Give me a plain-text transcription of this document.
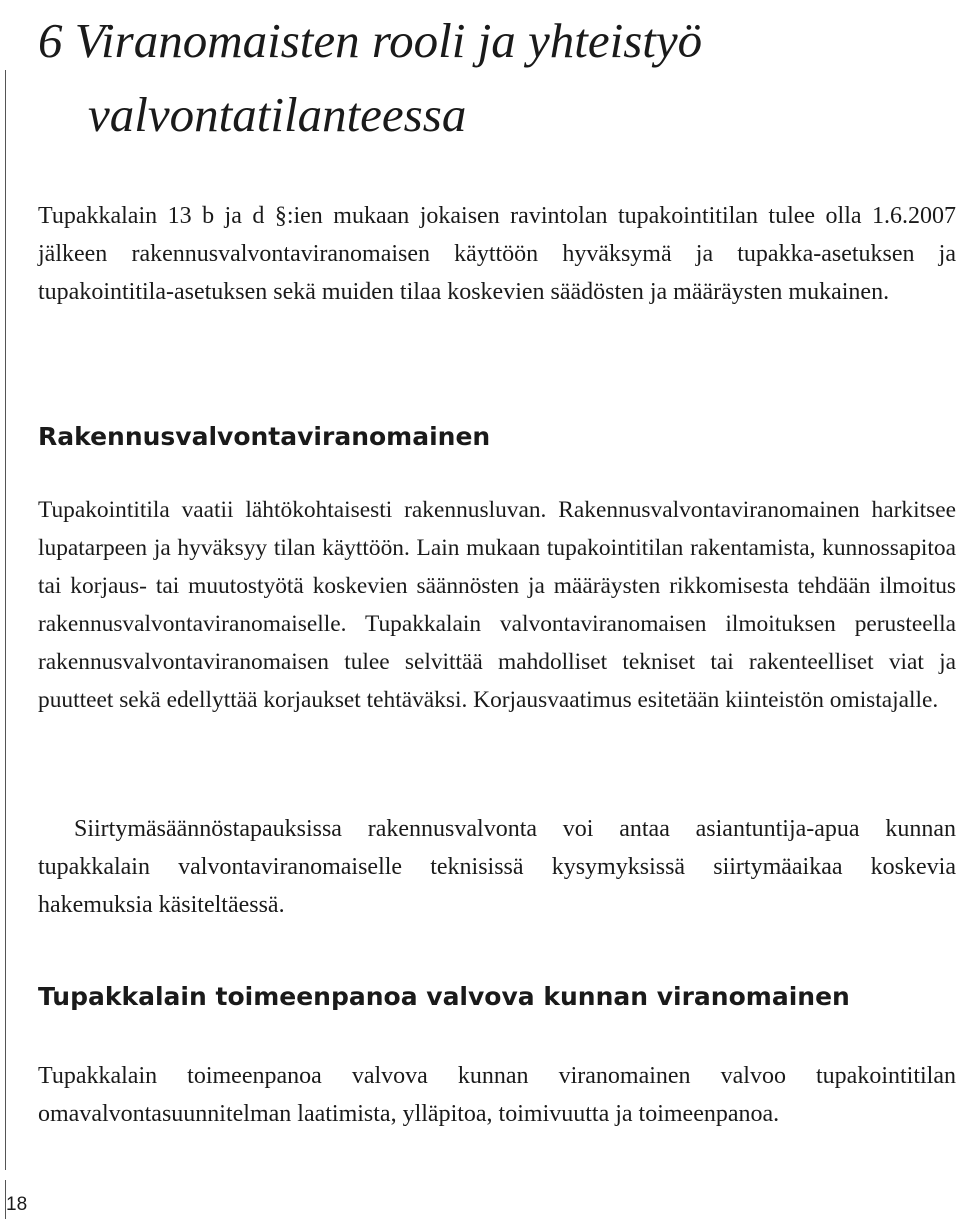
6 Viranomaisten rooli ja yhteistyö
valvontatilanteessa

Tupakkalain 13 b ja d §:ien mukaan jokaisen ravintolan tupakointitilan tulee olla 1.6.2007 jälkeen rakennusvalvontaviranomaisen käyttöön hyväksymä ja tupakka-asetuksen ja tupakointitila-asetuksen sekä muiden tilaa koskevien säädösten ja määräysten mukainen.

Rakennusvalvontaviranomainen

Tupakointitila vaatii lähtökohtaisesti rakennusluvan. Rakennusvalvontaviranomainen harkitsee lupatarpeen ja hyväksyy tilan käyttöön. Lain mukaan tupakointitilan rakentamista, kunnossapitoa tai korjaus- tai muutostyötä koskevien säännösten ja määräysten rikkomisesta tehdään ilmoitus rakennusvalvontaviranomaiselle. Tupakkalain valvontaviranomaisen ilmoituksen perusteella rakennusvalvontaviranomaisen tulee selvittää mahdolliset tekniset tai rakenteelliset viat ja puutteet sekä edellyttää korjaukset tehtäväksi. Korjausvaatimus esitetään kiinteistön omistajalle.

Siirtymäsäännöstapauksissa rakennusvalvonta voi antaa asiantuntija-apua kunnan tupakkalain valvontaviranomaiselle teknisissä kysymyksissä siirtymäaikaa koskevia hakemuksia käsiteltäessä.

Tupakkalain toimeenpanoa valvova kunnan viranomainen

Tupakkalain toimeenpanoa valvova kunnan viranomainen valvoo tupakointitilan omavalvontasuunnitelman laatimista, ylläpitoa, toimivuutta ja toimeenpanoa.

18
